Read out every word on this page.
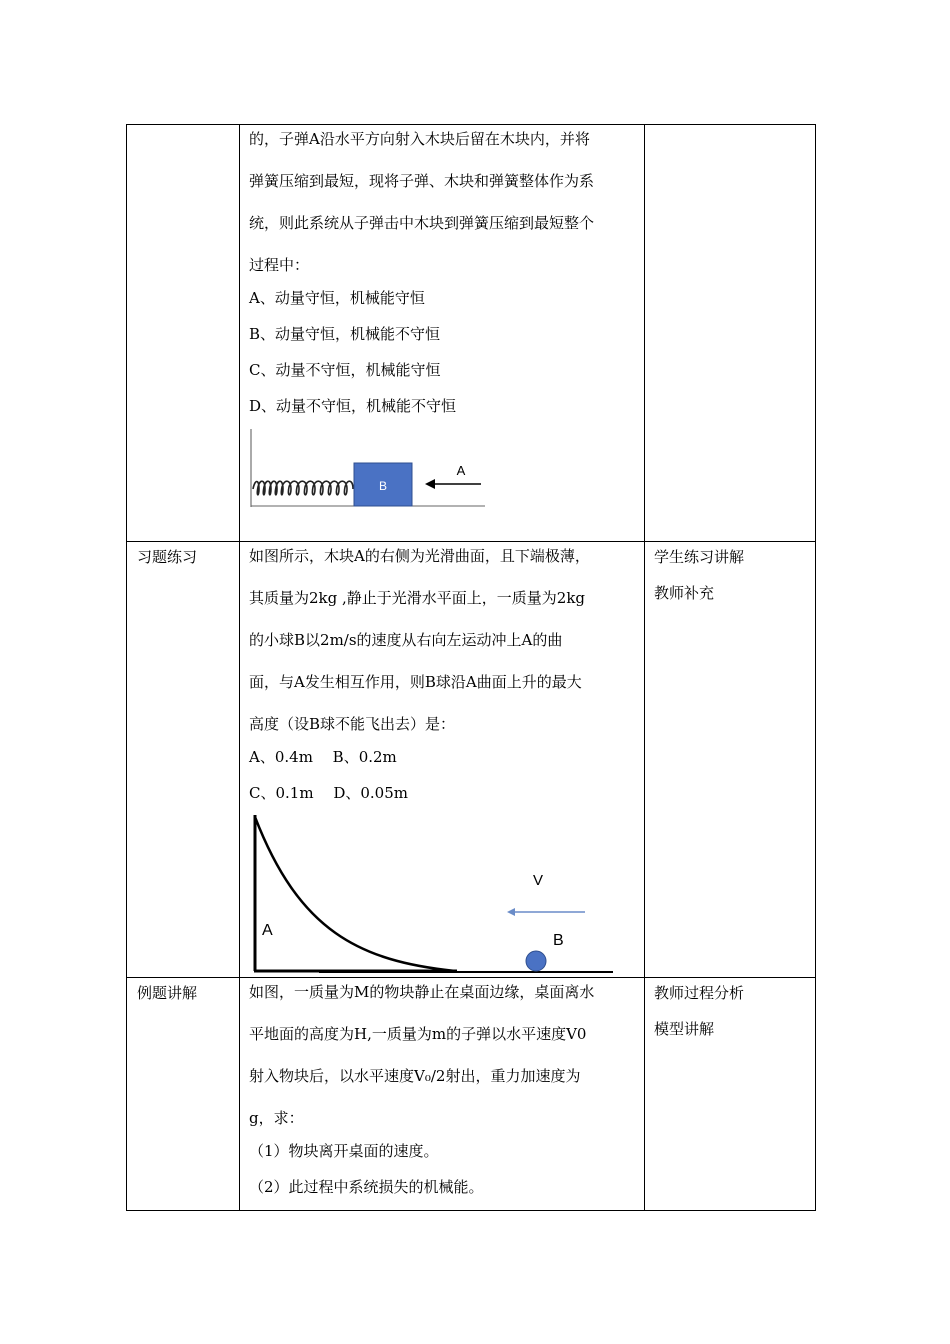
的，子弹A沿水平方向射入木块后留在木块内，并将
弹簧压缩到最短，现将子弹、木块和弹簧整体作为系
统，则此系统从子弹击中木块到弹簧压缩到最短整个
过程中：
A、动量守恒，机械能守恒
B、动量守恒，机械能不守恒
C、动量不守恒，机械能守恒
D、动量不守恒，机械能不守恒
B
A
习题练习	如图所示，木块A的右侧为光滑曲面，且下端极薄，
其质量为2kg ,静止于光滑水平面上，一质量为2kg
的小球B以2m/s的速度从右向左运动冲上A的曲
面，与A发生相互作用，则B球沿A曲面上升的最大
高度（设B球不能飞出去）是：
A、0.4m　 B、0.2m
C、0.1m　 D、0.05m
A
V
B
学生练习讲解
教师补充
例题讲解	如图，一质量为M的物块静止在桌面边缘，桌面离水
平地面的高度为H,一质量为m的子弹以水平速度V0
射入物块后，以水平速度V₀/2射出，重力加速度为
g，求：
（1）物块离开桌面的速度。
（2）此过程中系统损失的机械能。
教师过程分析
模型讲解
